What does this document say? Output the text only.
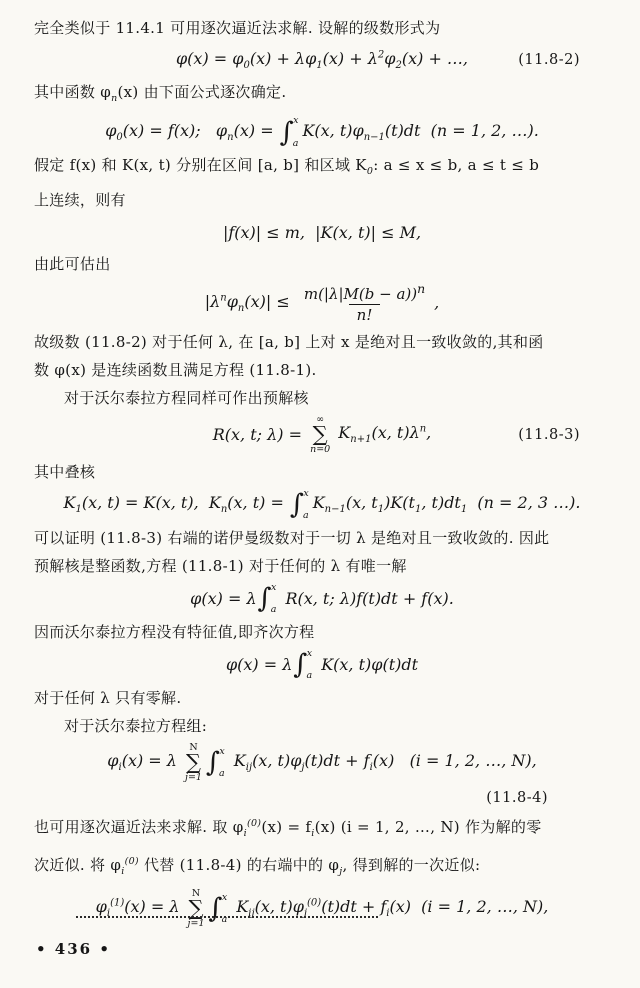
完全类似于 11.4.1 可用逐次逼近法求解. 设解的级数形式为
$\varphi(x) = \varphi_0(x) + \lambda\varphi_1(x) + \lambda^2\varphi_2(x)$ + …,	(11.8-2)
其中函数 $\varphi_n(x)$ 由下面公式逐次确定.
$\varphi_0(x) = f(x)$;   $\varphi_n(x)$ = ∫ x
a
K(x, $t)\varphi_{n-1}(t)dt$  (n = 1, 2, …).
假定 f(x) 和 K(x, t) 分别在区间 [a, b] 和区域 $K_0$: a ≤ x ≤ b, a ≤ t ≤ b
上连续，则有
|f(x)| ≤ m,  |K(x, t)| ≤ M,
由此可估出
$|\lambda^n\varphi_n(x)| \le \frac{m(|\lambda|M(b - a))^n}{n!}$ ,
故级数 (11.8-2) 对于任何 λ, 在 [a, b] 上对 x 是绝对且一致收敛的,其和函
数 φ(x) 是连续函数且满足方程 (11.8-1).
对于沃尔泰拉方程同样可作出预解核
R(x, t; λ) =
∞
∑
n=0
$K_{n+1}(x$, $t)\lambda^n$,	(11.8-3)
其中叠核
$K_1(x$, t) = K(x, t),  $K_n(x$, t) = ∫ x
a
$K_{n-1}(x$, $t_1)K(t_1$, $t)dt_1$  (n = 2, 3 …).
可以证明 (11.8-3) 右端的诺伊曼级数对于一切 λ 是绝对且一致收敛的. 因此
预解核是整函数,方程 (11.8-1) 对于任何的 λ 有唯一解
φ(x) = λ ∫ x
a
R(x, t; λ)f(t)dt + f(x).
因而沃尔泰拉方程没有特征值,即齐次方程
φ(x) = λ ∫ x
a
K(x, t)φ(t)dt
对于任何 λ 只有零解.
对于沃尔泰拉方程组:
$\varphi_i(x) = \lambda$
N
∑
j=1 ∫ x
a
$K_{ij}(x$, $t)\varphi_j(t)dt + f_i(x)$   (i = 1, 2, …, N),
(11.8-4)
也可用逐次逼近法来求解. 取 $\varphi_i^{(0)}(x) = f_i(x) (i = 1$, 2, …, N) 作为解的零
次近似. 将 $\varphi_i^{(0)}$ 代替 (11.8-4) 的右端中的 $\varphi_j$, 得到解的一次近似:
$\varphi_i^{(1)}(x) = \lambda$
N
∑
j=1 ∫ x
a
$K_{ij}(x$, $t)\varphi_j^{(0)}(t)dt + f_i(x)$  (i = 1, 2, …, N),
• 436 •
